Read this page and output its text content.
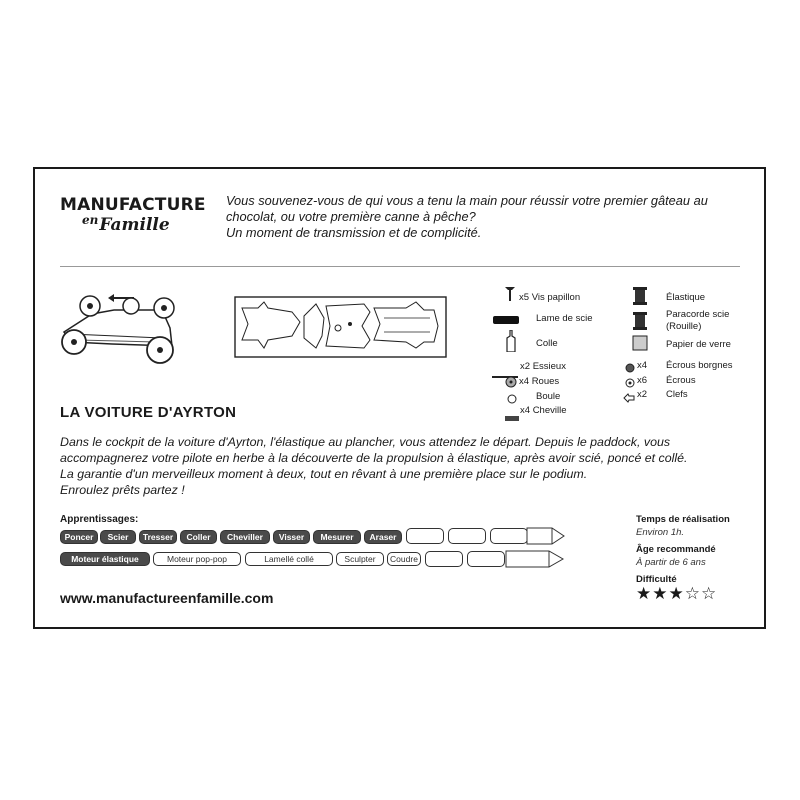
MANUFACTURE
$^{en}$Famille
Vous souvenez-vous de qui vous a tenu la main pour réussir votre premier gâteau au
chocolat, ou votre première canne à pêche?
Un moment de transmission et de complicité.
x5 Vis papillon
Lame de scie
Colle
x2 Essieux
x4 Roues
Boule
x4 Cheville
Élastique
Paracorde scie
(Rouille)
Papier de verre
x4 Écrous borgnes
x6 Écrous
x2 Clefs
LA VOITURE D'AYRTON
Dans le cockpit de la voiture d'Ayrton, l'élastique au plancher, vous attendez le départ. Depuis le paddock, vous
accompagnerez votre pilote en herbe à la découverte de la propulsion à élastique, après avoir scié, poncé et collé.
La garantie d'un merveilleux moment à deux, tout en rêvant à une première place sur le podium.
Enroulez prêts partez !
Apprentissages:
Poncer	Scier	Tresser	Coller	Cheviller	Visser	Mesurer	Araser
Moteur élastique	Moteur pop-pop	Lamellé collé	Sculpter	Coudre
Temps de réalisation
Environ 1h.
Âge recommandé
À partir de 6 ans
Difficulté
★★★☆☆
www.manufactureenfamille.com
